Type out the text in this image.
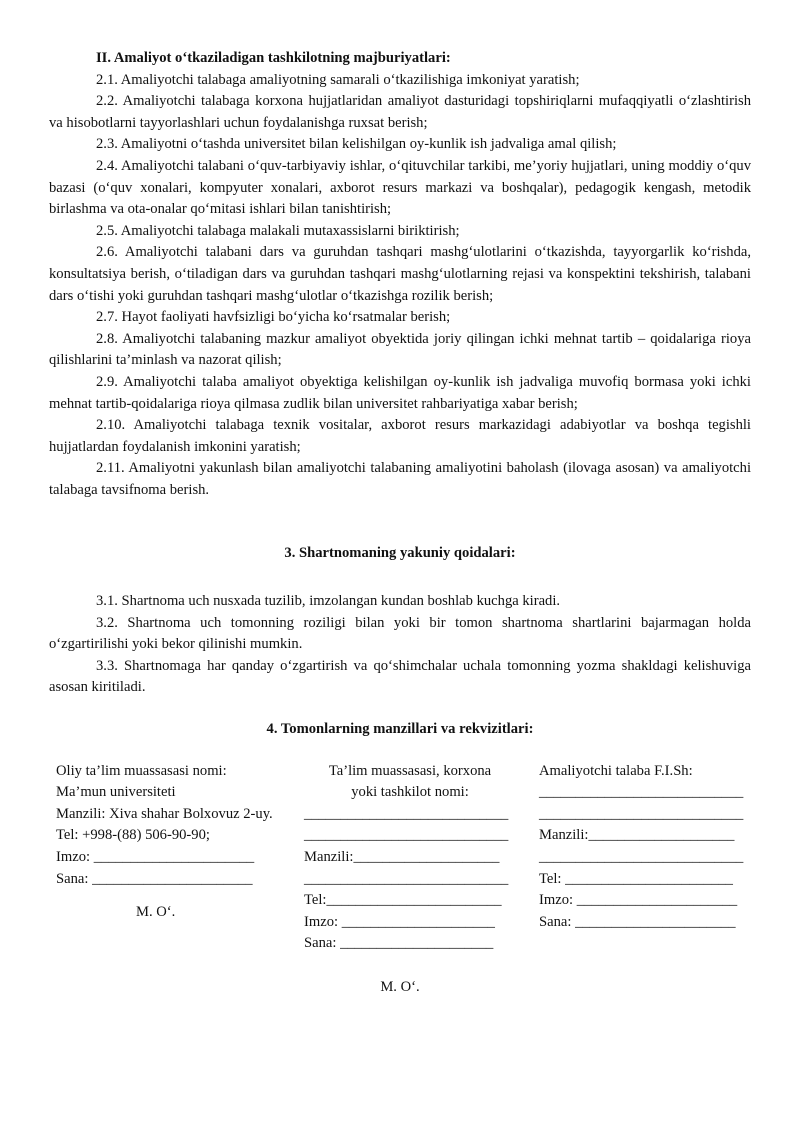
II. Amaliyot o‘tkaziladigan tashkilotning majburiyatlari:

2.1. Amaliyotchi talabaga amaliyotning samarali o‘tkazilishiga imkoniyat yaratish;

2.2. Amaliyotchi talabaga korxona hujjatlaridan amaliyot dasturidagi topshiriqlarni mufaqqiyatli o‘zlashtirish va hisobotlarni tayyorlashlari uchun foydalanishga ruxsat berish;

2.3. Amaliyotni o‘tashda universitet bilan kelishilgan oy-kunlik ish jadvaliga amal qilish;

2.4. Amaliyotchi talabani o‘quv-tarbiyaviy ishlar, o‘qituvchilar tarkibi, me’yoriy hujjatlari, uning moddiy o‘quv bazasi (o‘quv xonalari, kompyuter xonalari, axborot resurs markazi va boshqalar), pedagogik kengash, metodik birlashma va ota-onalar qo‘mitasi ishlari bilan tanishtirish;

2.5. Amaliyotchi talabaga malakali mutaxassislarni biriktirish;

2.6. Amaliyotchi talabani dars va guruhdan tashqari mashg‘ulotlarini o‘tkazishda, tayyorgarlik ko‘rishda, konsultatsiya berish, o‘tiladigan dars va guruhdan tashqari mashg‘ulotlarning rejasi va konspektini tekshirish, talabani dars o‘tishi yoki guruhdan tashqari mashg‘ulotlar o‘tkazishga rozilik berish;

2.7. Hayot faoliyati havfsizligi bo‘yicha ko‘rsatmalar berish;

2.8. Amaliyotchi talabaning mazkur amaliyot obyektida joriy qilingan ichki mehnat tartib – qoidalariga rioya qilishlarini ta’minlash va nazorat qilish;

2.9. Amaliyotchi talaba amaliyot obyektiga kelishilgan oy-kunlik ish jadvaliga muvofiq bormasa yoki ichki mehnat tartib-qoidalariga rioya qilmasa zudlik bilan universitet rahbariyatiga xabar berish;

2.10. Amaliyotchi talabaga texnik vositalar, axborot resurs markazidagi adabiyotlar va boshqa tegishli hujjatlardan foydalanish imkonini yaratish;

2.11. Amaliyotni yakunlash bilan amaliyotchi talabaning amaliyotini baholash (ilovaga asosan) va amaliyotchi talabaga tavsifnoma berish.

3. Shartnomaning yakuniy qoidalari:

3.1. Shartnoma uch nusxada tuzilib, imzolangan kundan boshlab kuchga kiradi.

3.2. Shartnoma uch tomonning roziligi bilan yoki bir tomon shartnoma shartlarini bajarmagan holda o‘zgartirilishi yoki bekor qilinishi mumkin.

3.3. Shartnomaga har qanday o‘zgartirish va qo‘shimchalar uchala tomonning yozma shakldagi kelishuviga asosan kiritiladi.

4. Tomonlarning manzillari va rekvizitlari:

Oliy ta’lim muassasasi nomi:

Ma’mun universiteti

Manzili: Xiva shahar Bolxovuz 2-uy.

Tel: +998-(88) 506-90-90;

Imzo: ______________________

Sana: ______________________

M. O‘.

Ta’lim muassasasi, korxona

yoki tashkilot nomi:

____________________________

____________________________

Manzili:____________________

____________________________

Tel:________________________

Imzo: _____________________

Sana: _____________________

Amaliyotchi talaba F.I.Sh:

____________________________

____________________________

Manzili:____________________

____________________________

Tel: _______________________

Imzo: ______________________

Sana: ______________________

M. O‘.
